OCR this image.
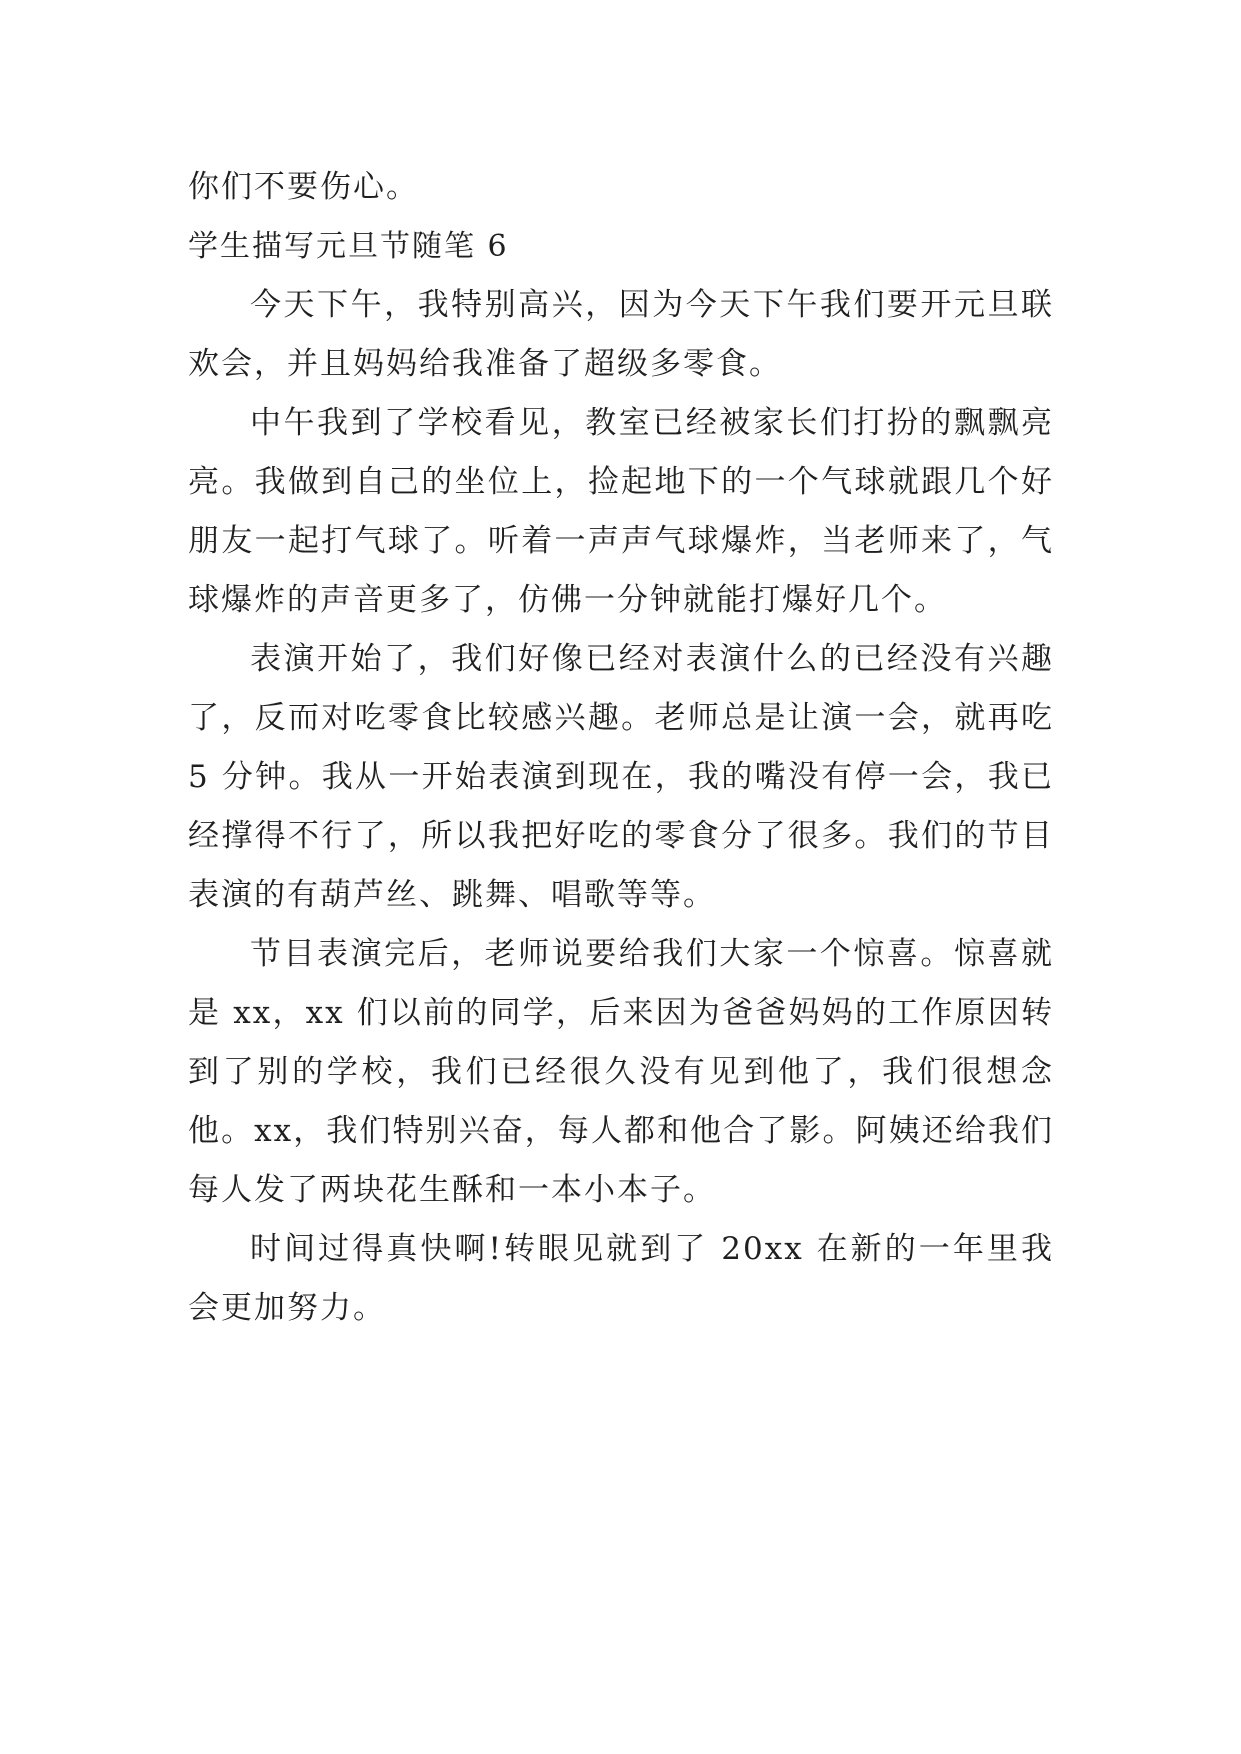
你们不要伤心。

学生描写元旦节随笔 6

今天下午，我特别高兴，因为今天下午我们要开元旦联欢会，并且妈妈给我准备了超级多零食。

中午我到了学校看见，教室已经被家长们打扮的飘飘亮亮。我做到自己的坐位上，捡起地下的一个气球就跟几个好朋友一起打气球了。听着一声声气球爆炸，当老师来了，气球爆炸的声音更多了，仿佛一分钟就能打爆好几个。

表演开始了，我们好像已经对表演什么的已经没有兴趣了，反而对吃零食比较感兴趣。老师总是让演一会，就再吃 5 分钟。我从一开始表演到现在，我的嘴没有停一会，我已经撑得不行了，所以我把好吃的零食分了很多。我们的节目表演的有葫芦丝、跳舞、唱歌等等。

节目表演完后，老师说要给我们大家一个惊喜。惊喜就是 xx，xx 们以前的同学，后来因为爸爸妈妈的工作原因转到了别的学校，我们已经很久没有见到他了，我们很想念他。xx，我们特别兴奋，每人都和他合了影。阿姨还给我们每人发了两块花生酥和一本小本子。

时间过得真快啊!转眼见就到了 20xx 在新的一年里我会更加努力。
